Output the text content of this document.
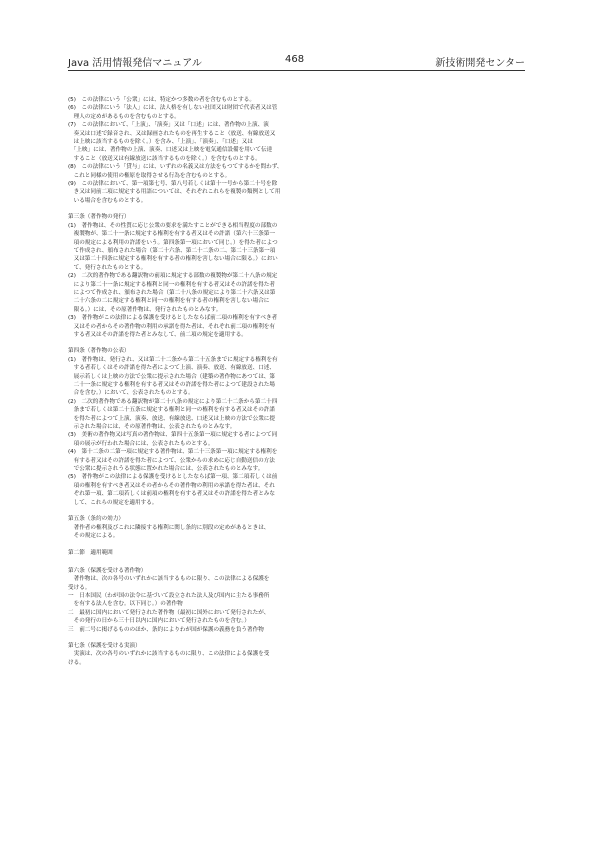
Java 活用情報発信マニュアル	468	新技術開発センター

(5)　この法律にいう「公衆」には、特定かつ多数の者を含むものとする。

(6)　この法律にいう「法人」には、法人格を有しない社団又は財団で代表者又は管

　理人の定めがあるものを含むものとする。

(7)　この法律において、「上演」、「演奏」又は「口述」には、著作物の上演、演

　奏又は口述で録音され、又は録画されたものを再生すること（放送、有線放送又

　は上映に該当するものを除く。）を含み、「上演」、「演奏」、「口述」又は

　「上映」には、著作物の上演、演奏、口述又は上映を電気通信設備を用いて伝達

　すること（放送又は有線放送に該当するものを除く。）を含むものとする。

(8)　この法律にいう「貸与」には、いずれの名義又は方法をもつてするかを問わず、

　これと同様の使用の権原を取得させる行為を含むものとする。

(9)　この法律において、第一項第七号、第八号若しくは第十一号から第二十号を除

　き又は同前二項に規定する用語については、それぞれこれらを複製の類例として用

　いる場合を含むものとする。

第三条（著作物の発行）

(1)　著作物は、その性質に応じ公衆の要求を満たすことができる相当程度の部数の

　複製物が、第二十一条に規定する権利を有する者又はその許諾（第六十三条第一

　項の規定による利用の許諾をいう。第四条第一項において同じ。）を得た者によつ

　て作成され、頒布された場合（第二十六条、第二十二条の二、第二十三条第一項

　又は第二十四条に規定する権利を有する者の権利を害しない場合に限る。）におい

　て、発行されたものとする。

(2)　二次的著作物である翻訳物の前項に規定する部数の複製物が第二十八条の規定

　により第二十一条に規定する権利と同一の権利を有する者又はその許諾を得た者

　によつて作成され、頒布された場合（第二十八条の規定により第二十六条又は第

　二十六条の二に規定する権利と同一の権利を有する者の権利を害しない場合に

　限る。）には、その原著作物は、発行されたものとみなす。

(3)　著作物がこの法律による保護を受けるとしたならば前二項の権利を有すべき者

　又はその者からその著作物の利用の承諾を得た者は、それぞれ前二項の権利を有

　する者又はその許諾を得た者とみなして、前二項の規定を適用する。

第四条（著作物の公表）

(1)　著作物は、発行され、又は第二十二条から第二十五条までに規定する権利を有

　する者若しくはその許諾を得た者によつて上演、演奏、放送、有線放送、口述、

　展示若しくは上映の方法で公衆に提示された場合（建築の著作物にあつては、第

　二十一条に規定する権利を有する者又はその許諾を得た者によつて建設された場

　合を含む。）において、公表されたものとする。

(2)　二次的著作物である翻訳物が第二十八条の規定により第二十二条から第二十四

　条まで若しくは第二十五条に規定する権利と同一の権利を有する者又はその許諾

　を得た者によつて上演、演奏、放送、有線放送、口述又は上映の方法で公衆に提

　示された場合には、その原著作物は、公表されたものとみなす。

(3)　美術の著作物又は写真の著作物は、第四十五条第一項に規定する者によつて同

　項の展示が行われた場合には、公表されたものとする。

(4)　第十二条の二第一項に規定する著作物は、第二十三条第一項に規定する権利を

　有する者又はその許諾を得た者によつて、公衆からの求めに応じ自動送信の方法

　で公衆に提示されうる状態に置かれた場合には、公表されたものとみなす。

(5)　著作物がこの法律による保護を受けるとしたならば第一項、第二項若しくは前

　項の権利を有すべき者又はその者からその著作物の利用の承諾を得た者は、それ

　ぞれ第一項、第二項若しくは前項の権利を有する者又はその許諾を得た者とみな

　して、これらの規定を適用する。

第五条（条約の効力）

　著作者の権利及びこれに隣接する権利に関し条約に別段の定めがあるときは、

　その規定による。

第二節　適用範囲

第六条（保護を受ける著作物）

　著作物は、次の各号のいずれかに該当するものに限り、この法律による保護を

受ける。

一　日本国民（わが国の法令に基づいて設立された法人及び国内に主たる事務所

　を有する法人を含む。以下同じ。）の著作物

二　最初に国内において発行された著作物（最初に国外において発行されたが、

　その発行の日から三十日以内に国内において発行されたものを含む。）

三　前二号に掲げるもののほか、条約によりわが国が保護の義務を負う著作物

第七条（保護を受ける実演）

　実演は、次の各号のいずれかに該当するものに限り、この法律による保護を受

ける。
